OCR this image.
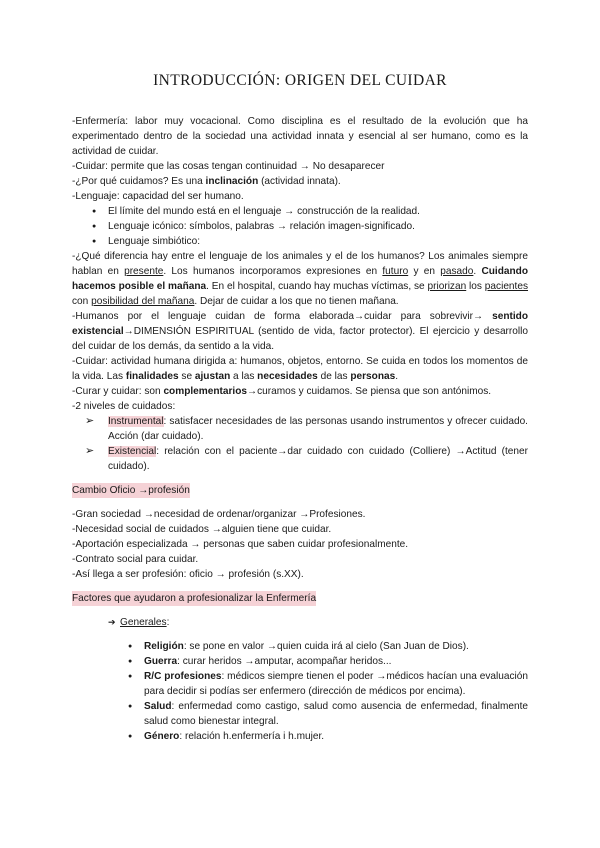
INTRODUCCIÓN: ORIGEN DEL CUIDAR

-Enfermería: labor muy vocacional. Como disciplina es el resultado de la evolución que ha experimentado dentro de la sociedad una actividad innata y esencial al ser humano, como es la actividad de cuidar.

-Cuidar: permite que las cosas tengan continuidad → No desaparecer

-¿Por qué cuidamos? Es una inclinación (actividad innata).

-Lenguaje: capacidad del ser humano.

● El límite del mundo está en el lenguaje → construcción de la realidad.
● Lenguaje icónico: símbolos, palabras → relación imagen-significado.
● Lenguaje simbiótico:

-¿Qué diferencia hay entre el lenguaje de los animales y el de los humanos? Los animales siempre hablan en presente. Los humanos incorporamos expresiones en futuro y en pasado. Cuidando hacemos posible el mañana. En el hospital, cuando hay muchas víctimas, se priorizan los pacientes con posibilidad del mañana. Dejar de cuidar a los que no tienen mañana.

-Humanos por el lenguaje cuidan de forma elaborada→cuidar para sobrevivir→ sentido existencial→DIMENSIÓN ESPIRITUAL (sentido de vida, factor protector). El ejercicio y desarrollo del cuidar de los demás, da sentido a la vida.

-Cuidar: actividad humana dirigida a: humanos, objetos, entorno. Se cuida en todos los momentos de la vida. Las finalidades se ajustan a las necesidades de las personas.

-Curar y cuidar: son complementarios→curamos y cuidamos. Se piensa que son antónimos.

-2 niveles de cuidados:

➢ Instrumental: satisfacer necesidades de las personas usando instrumentos y ofrecer cuidado. Acción (dar cuidado).
➢ Existencial: relación con el paciente→dar cuidado con cuidado (Colliere) →Actitud (tener cuidado).

Cambio Oficio →profesión

-Gran sociedad →necesidad de ordenar/organizar →Profesiones.

-Necesidad social de cuidados →alguien tiene que cuidar.

-Aportación especializada → personas que saben cuidar profesionalmente.

-Contrato social para cuidar.

-Así llega a ser profesión: oficio → profesión (s.XX).

Factores que ayudaron a profesionalizar la Enfermería

➔ Generales:

● Religión: se pone en valor →quien cuida irá al cielo (San Juan de Dios).
● Guerra: curar heridos →amputar, acompañar heridos...
● R/C profesiones: médicos siempre tienen el poder →médicos hacían una evaluación para decidir si podías ser enfermero (dirección de médicos por encima).
● Salud: enfermedad como castigo, salud como ausencia de enfermedad, finalmente salud como bienestar integral.
● Género: relación h.enfermería i h.mujer.
